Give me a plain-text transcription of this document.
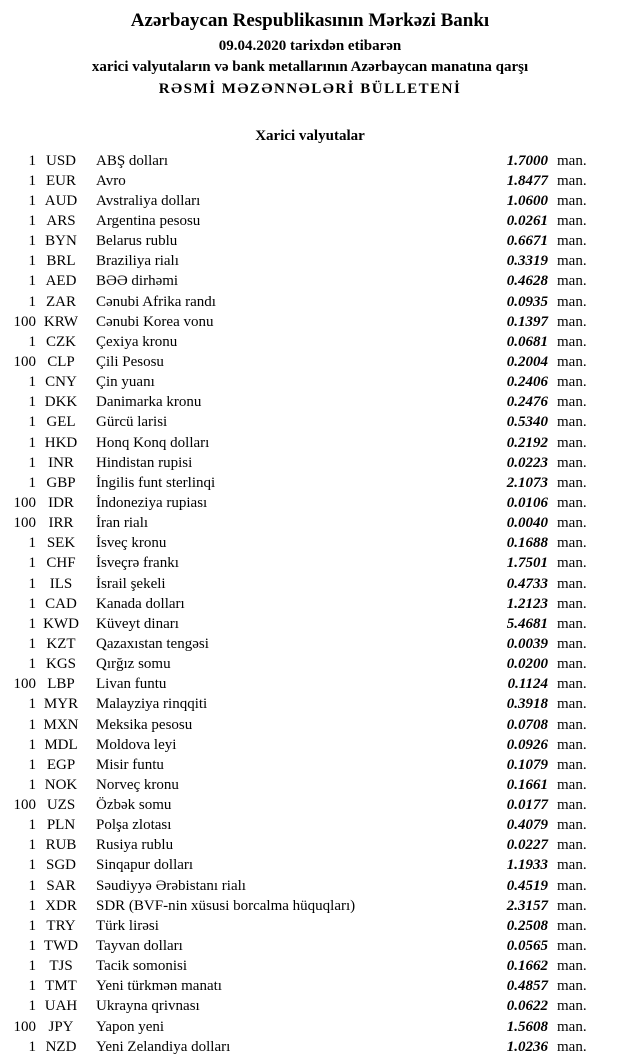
Azərbaycan Respublikasının Mərkəzi Bankı
09.04.2020 tarixdən etibarən
xarici valyutaların və bank metallarının Azərbaycan manatına qarşı
RƏSMİ MƏZƏNNƏLƏRİ BÜLLETENİ
Xarici valyutalar
1 USD	ABŞ dolları	1.7000 man.
1 EUR	Avro	1.8477 man.
1 AUD	Avstraliya dolları	1.0600 man.
1 ARS	Argentina pesosu	0.0261 man.
1 BYN	Belarus rublu	0.6671 man.
1 BRL	Braziliya rialı	0.3319 man.
1 AED	BƏƏ dirhəmi	0.4628 man.
1 ZAR	Cənubi Afrika randı	0.0935 man.
100 KRW	Cənubi Korea vonu	0.1397 man.
1 CZK	Çexiya kronu	0.0681 man.
100 CLP	Çili Pesosu	0.2004 man.
1 CNY	Çin yuanı	0.2406 man.
1 DKK	Danimarka kronu	0.2476 man.
1 GEL	Gürcü larisi	0.5340 man.
1 HKD	Honq Konq dolları	0.2192 man.
1 INR	Hindistan rupisi	0.0223 man.
1 GBP	İngilis funt sterlinqi	2.1073 man.
100 IDR	İndoneziya rupiası	0.0106 man.
100 IRR	İran rialı	0.0040 man.
1 SEK	İsveç kronu	0.1688 man.
1 CHF	İsveçrə frankı	1.7501 man.
1 ILS	İsrail şekeli	0.4733 man.
1 CAD	Kanada dolları	1.2123 man.
1 KWD	Küveyt dinarı	5.4681 man.
1 KZT	Qazaxıstan tengəsi	0.0039 man.
1 KGS	Qırğız somu	0.0200 man.
100 LBP	Livan funtu	0.1124 man.
1 MYR	Malayziya rinqqiti	0.3918 man.
1 MXN	Meksika pesosu	0.0708 man.
1 MDL	Moldova leyi	0.0926 man.
1 EGP	Misir funtu	0.1079 man.
1 NOK	Norveç kronu	0.1661 man.
100 UZS	Özbək somu	0.0177 man.
1 PLN	Polşa zlotası	0.4079 man.
1 RUB	Rusiya rublu	0.0227 man.
1 SGD	Sinqapur dolları	1.1933 man.
1 SAR	Səudiyyə Ərəbistanı rialı	0.4519 man.
1 XDR	SDR (BVF-nin xüsusi borcalma hüquqları)	2.3157 man.
1 TRY	Türk lirəsi	0.2508 man.
1 TWD	Tayvan dolları	0.0565 man.
1 TJS	Tacik somonisi	0.1662 man.
1 TMT	Yeni türkmən manatı	0.4857 man.
1 UAH	Ukrayna qrivnası	0.0622 man.
100 JPY	Yapon yeni	1.5608 man.
1 NZD	Yeni Zelandiya dolları	1.0236 man.
